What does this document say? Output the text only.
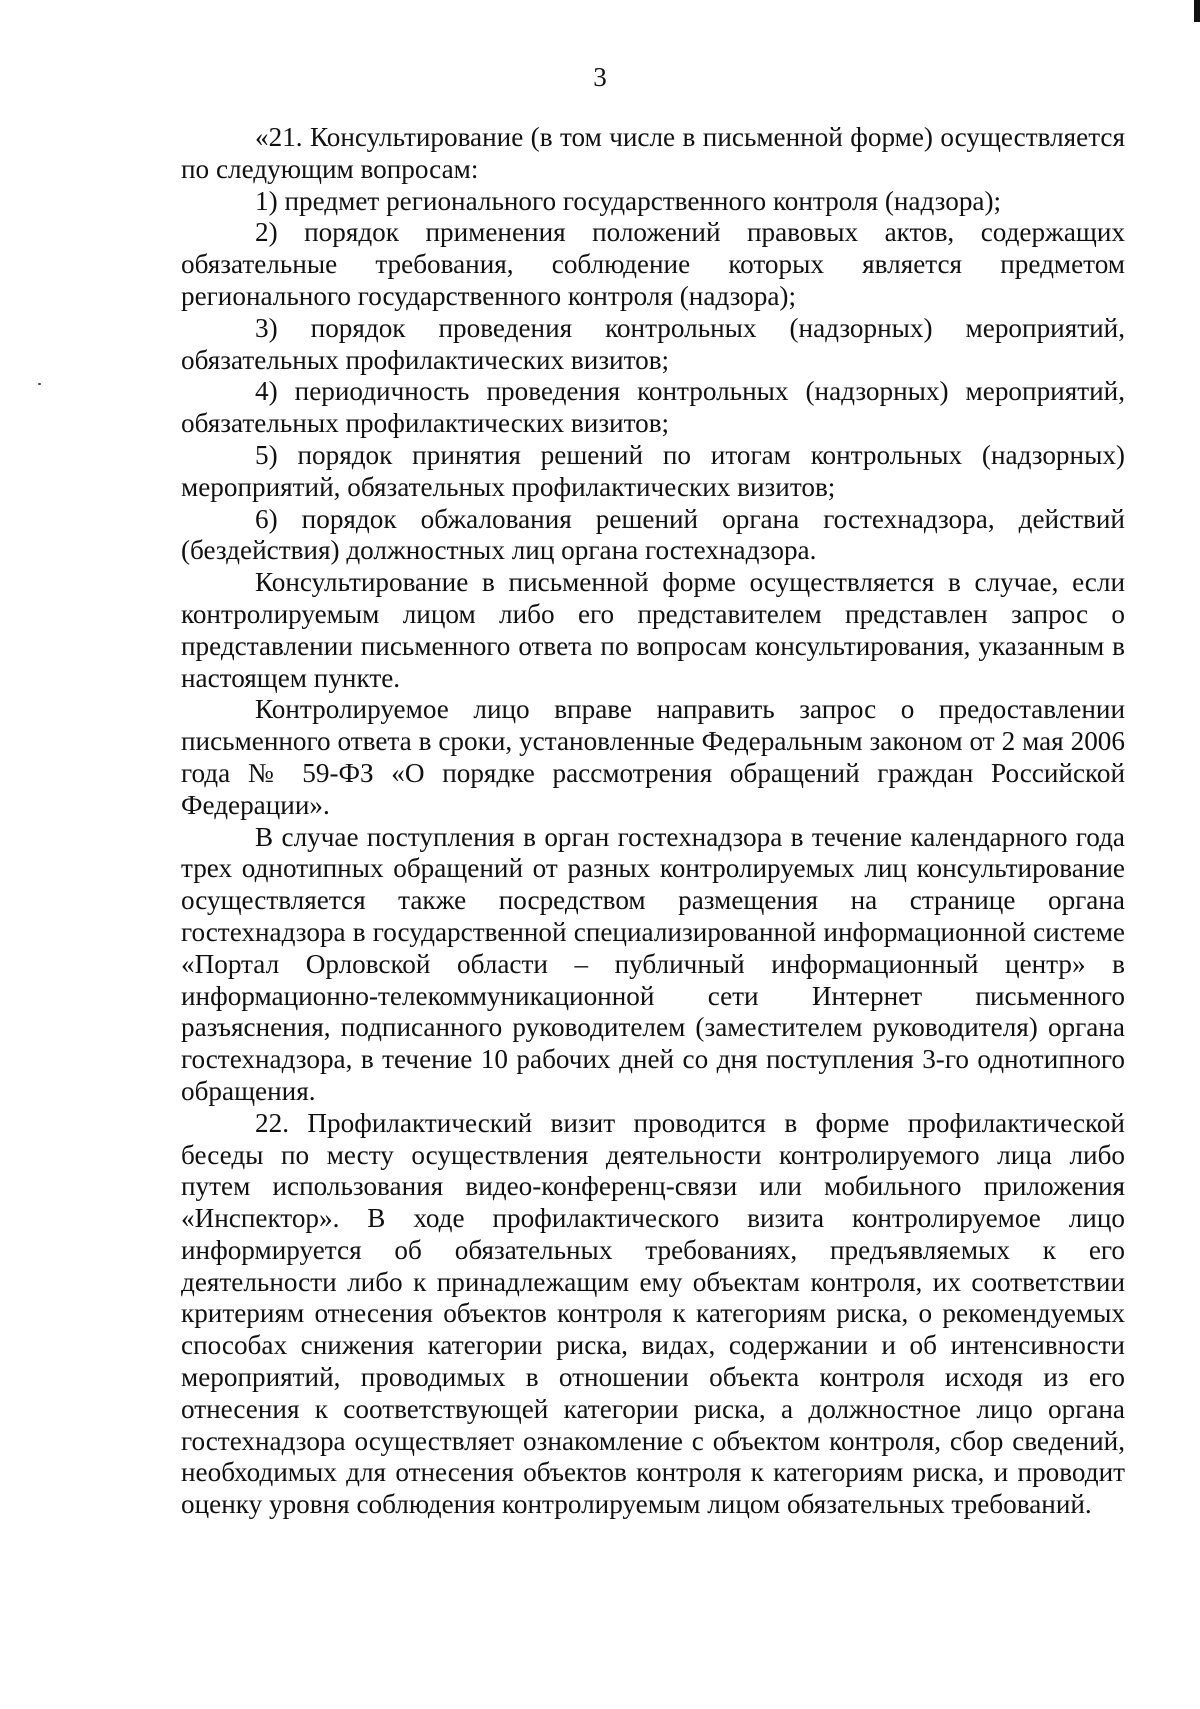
3

«21. Консультирование (в том числе в письменной форме) осуществляется по следующим вопросам:

1) предмет регионального государственного контроля (надзора);

2) порядок применения положений правовых актов, содержащих обязательные требования, соблюдение которых является предметом регионального государственного контроля (надзора);

3) порядок проведения контрольных (надзорных) мероприятий, обязательных профилактических визитов;

4) периодичность проведения контрольных (надзорных) мероприятий, обязательных профилактических визитов;

5) порядок принятия решений по итогам контрольных (надзорных) мероприятий, обязательных профилактических визитов;

6) порядок обжалования решений органа гостехнадзора, действий (бездействия) должностных лиц органа гостехнадзора.

Консультирование в письменной форме осуществляется в случае, если контролируемым лицом либо его представителем представлен запрос о представлении письменного ответа по вопросам консультирования, указанным в настоящем пункте.

Контролируемое лицо вправе направить запрос о предоставлении письменного ответа в сроки, установленные Федеральным законом от 2 мая 2006 года № 59-ФЗ «О порядке рассмотрения обращений граждан Российской Федерации».

В случае поступления в орган гостехнадзора в течение календарного года трех однотипных обращений от разных контролируемых лиц консультирование осуществляется также посредством размещения на странице органа гостехнадзора в государственной специализированной информационной системе «Портал Орловской области – публичный информационный центр» в информационно-телекоммуникационной сети Интернет письменного разъяснения, подписанного руководителем (заместителем руководителя) органа гостехнадзора, в течение 10 рабочих дней со дня поступления 3-го однотипного обращения.

22. Профилактический визит проводится в форме профилактической беседы по месту осуществления деятельности контролируемого лица либо путем использования видео-конференц-связи или мобильного приложения «Инспектор». В ходе профилактического визита контролируемое лицо информируется об обязательных требованиях, предъявляемых к его деятельности либо к принадлежащим ему объектам контроля, их соответствии критериям отнесения объектов контроля к категориям риска, о рекомендуемых способах снижения категории риска, видах, содержании и об интенсивности мероприятий, проводимых в отношении объекта контроля исходя из его отнесения к соответствующей категории риска, а должностное лицо органа гостехнадзора осуществляет ознакомление с объектом контроля, сбор сведений, необходимых для отнесения объектов контроля к категориям риска, и проводит оценку уровня соблюдения контролируемым лицом обязательных требований.
